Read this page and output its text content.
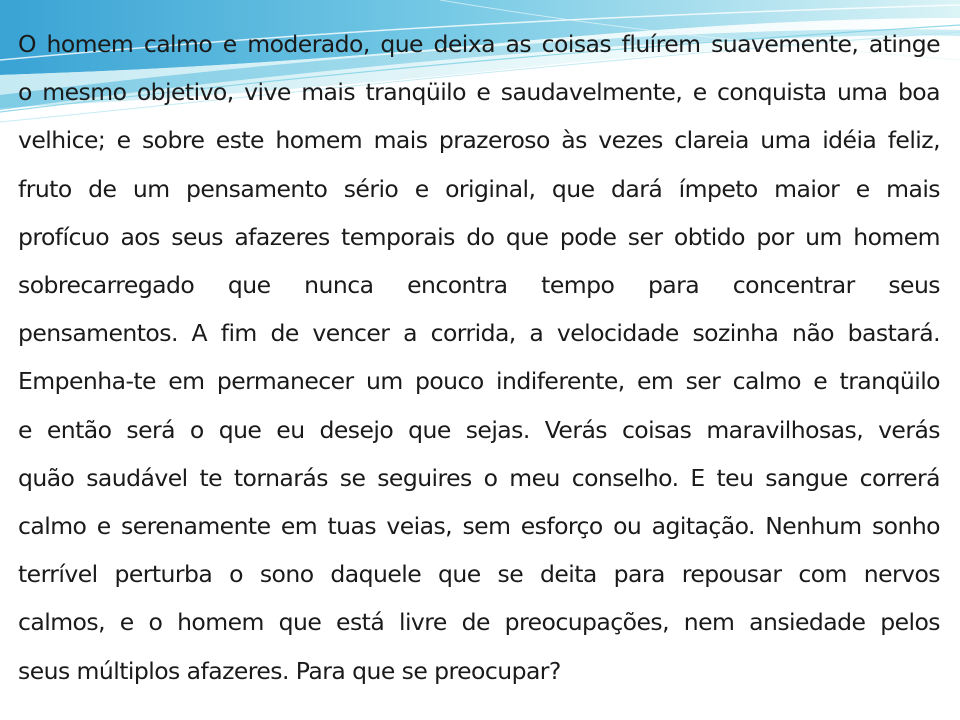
O homem calmo e moderado, que deixa as coisas fluírem suavemente, atinge
o mesmo objetivo, vive mais tranqüilo e saudavelmente, e conquista uma boa
velhice; e sobre este homem mais prazeroso às vezes clareia uma idéia feliz,
fruto de um pensamento sério e original, que dará ímpeto maior e mais
profícuo aos seus afazeres temporais do que pode ser obtido por um homem
sobrecarregado que nunca encontra tempo para concentrar seus
pensamentos. A fim de vencer a corrida, a velocidade sozinha não bastará.
Empenha-te em permanecer um pouco indiferente, em ser calmo e tranqüilo
e então será o que eu desejo que sejas. Verás coisas maravilhosas, verás
quão saudável te tornarás se seguires o meu conselho. E teu sangue correrá
calmo e serenamente em tuas veias, sem esforço ou agitação. Nenhum sonho
terrível perturba o sono daquele que se deita para repousar com nervos
calmos, e o homem que está livre de preocupações, nem ansiedade pelos
seus múltiplos afazeres. Para que se preocupar?
